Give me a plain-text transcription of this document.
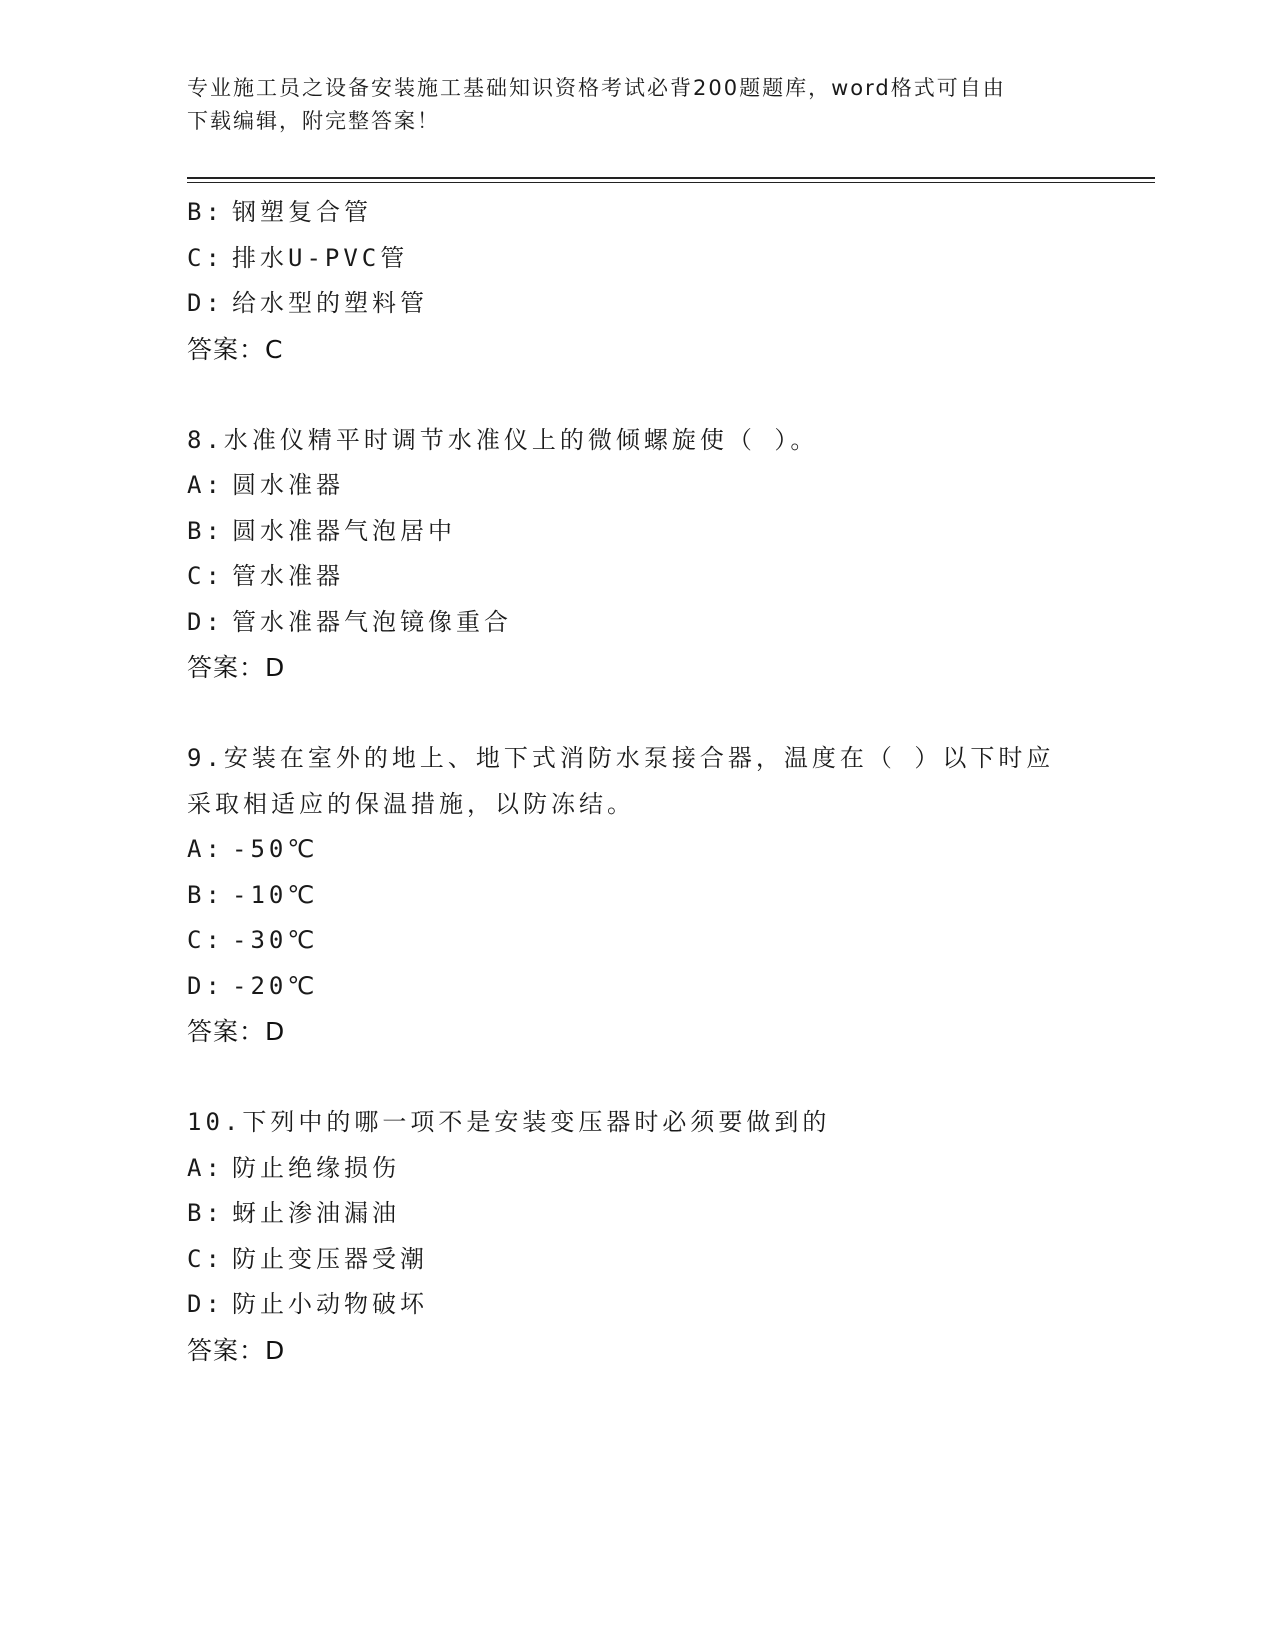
专业施工员之设备安装施工基础知识资格考试必背200题题库，word格式可自由
下载编辑，附完整答案！
B: 钢塑复合管
C: 排水U-PVC管
D: 给水型的塑料管
答案：C
8.水准仪精平时调节水准仪上的微倾螺旋使（ ）。
A: 圆水准器
B: 圆水准器气泡居中
C: 管水准器
D: 管水准器气泡镜像重合
答案：D
9.安装在室外的地上、地下式消防水泵接合器，温度在（ ）以下时应
采取相适应的保温措施，以防冻结。
A: -50℃
B: -10℃
C: -30℃
D: -20℃
答案：D
10.下列中的哪一项不是安装变压器时必须要做到的
A: 防止绝缘损伤
B: 蚜止渗油漏油
C: 防止变压器受潮
D: 防止小动物破坏
答案：D
